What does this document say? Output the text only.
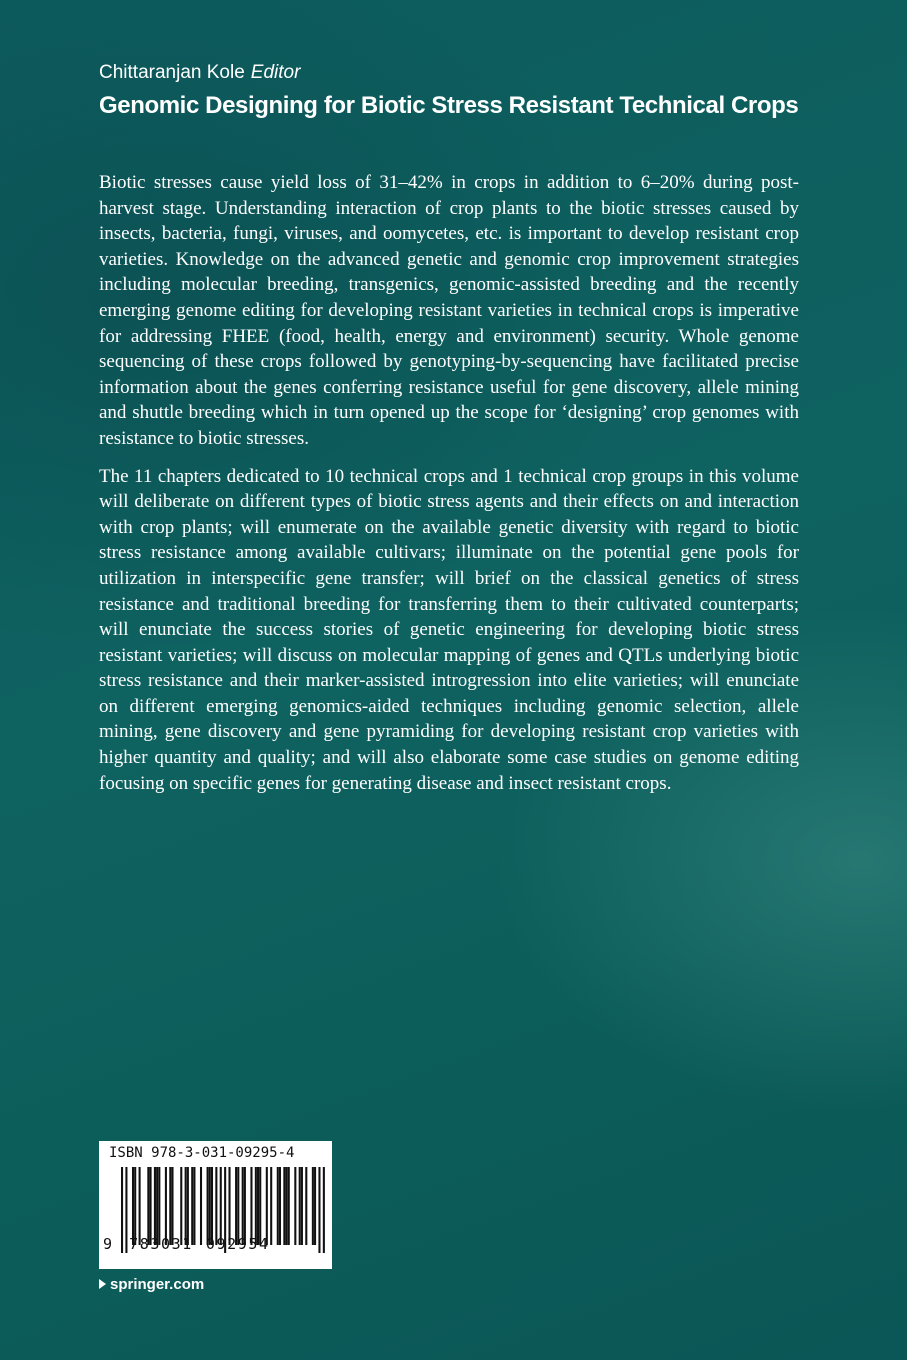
Chittaranjan Kole Editor
Genomic Designing for Biotic Stress Resistant Technical Crops

Biotic stresses cause yield loss of 31–42% in crops in addition to 6–20% during post-harvest stage. Understanding interaction of crop plants to the biotic stresses caused by insects, bacteria, fungi, viruses, and oomycetes, etc. is important to develop resistant crop varieties. Knowledge on the advanced genetic and genomic crop improvement strategies including molecular breeding, transgenics, genomic-assisted breeding and the recently emerging genome editing for developing resistant varieties in technical crops is imperative for addressing FHEE (food, health, energy and environment) security. Whole genome sequencing of these crops followed by genotyping-by-sequencing have facilitated precise information about the genes conferring resistance useful for gene discovery, allele mining and shuttle breeding which in turn opened up the scope for ‘designing’ crop genomes with resistance to biotic stresses.

The 11 chapters dedicated to 10 technical crops and 1 technical crop groups in this volume will deliberate on different types of biotic stress agents and their effects on and interaction with crop plants; will enumerate on the available genetic diversity with regard to biotic stress resistance among available cultivars; illuminate on the potential gene pools for utilization in interspecific gene transfer; will brief on the classical genetics of stress resistance and traditional breeding for transferring them to their cultivated counterparts; will enunciate the success stories of genetic engineering for developing biotic stress resistant varieties; will discuss on molecular mapping of genes and QTLs underlying biotic stress resistance and their marker-assisted introgression into elite varieties; will enunciate on different emerging genomics-aided techniques including genomic selection, allele mining, gene discovery and gene pyramiding for developing resistant crop varieties with higher quantity and quality; and will also elaborate some case studies on genome editing focusing on specific genes for generating disease and insect resistant crops.

ISBN 978-3-031-09295-4
9 783031 092954
springer.com
